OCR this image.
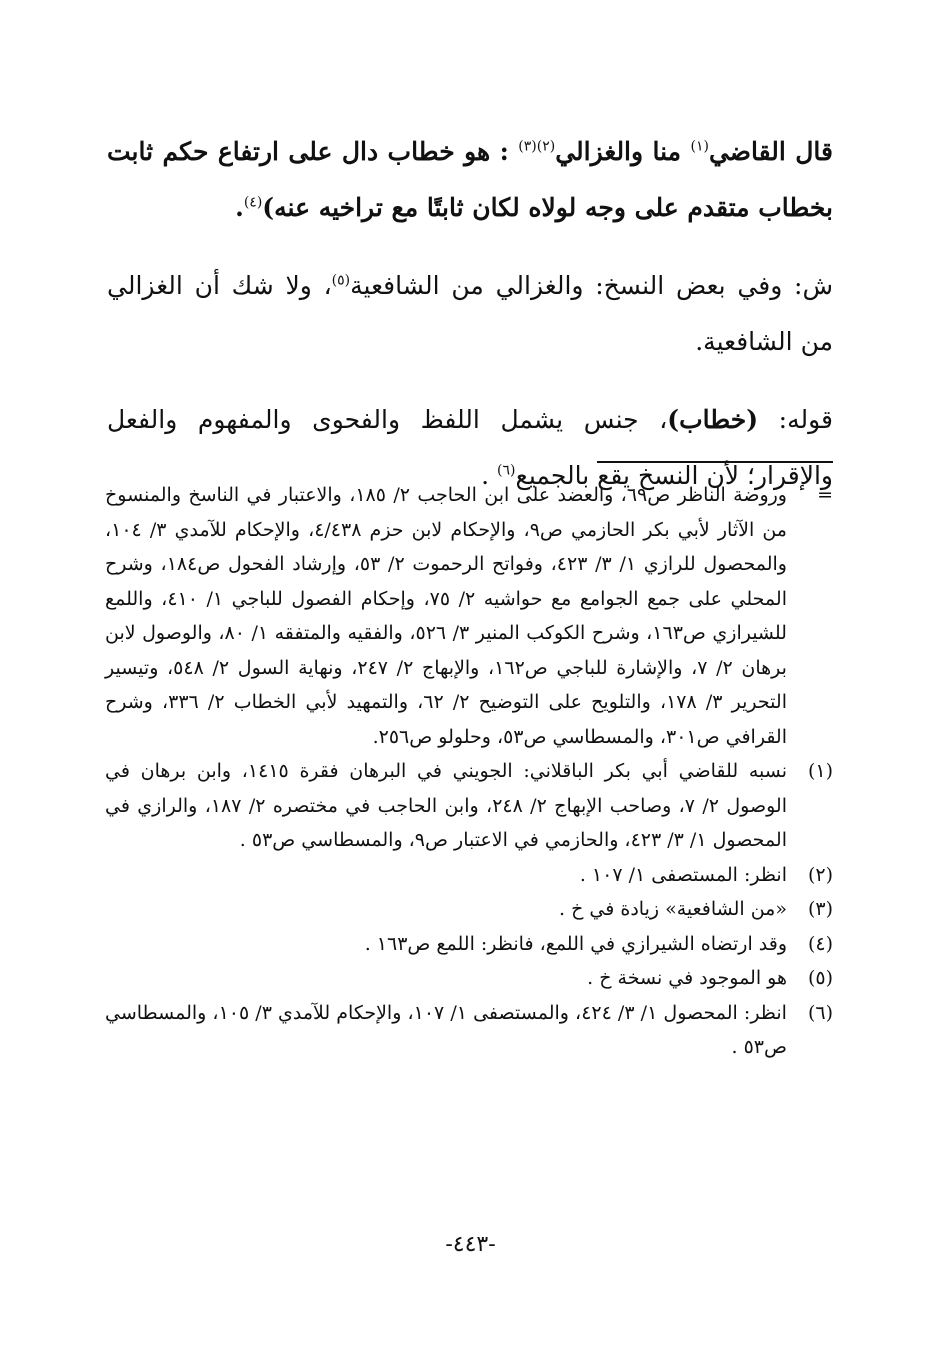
قال القاضي$^{(١)}$ منا والغزالي$^{(٢)(٣)}$ : هو خطاب دال على ارتفاع حكم ثابت بخطاب متقدم على وجه لولاه لكان ثابتًا مع تراخيه عنه)$^{(٤)}$.

ش: وفي بعض النسخ: والغزالي من الشافعية$^{(٥)}$، ولا شك أن الغزالي من الشافعية.

قوله: (خطاب)، جنس يشمل اللفظ والفحوى والمفهوم والفعل والإقرار؛ لأن النسخ يقع بالجميع$^{(٦)}$ .

=
وروضة الناظر ص٦٩، والعضد على ابن الحاجب ٢/ ١٨٥، والاعتبار في الناسخ والمنسوخ من الآثار لأبي بكر الحازمي ص٩، والإحكام لابن حزم ٤/٤٣٨، والإحكام للآمدي ٣/ ١٠٤، والمحصول للرازي ١/ ٣/ ٤٢٣، وفواتح الرحموت ٢/ ٥٣، وإرشاد الفحول ص١٨٤، وشرح المحلي على جمع الجوامع مع حواشيه ٢/ ٧٥، وإحكام الفصول للباجي ١/ ٤١٠، واللمع للشيرازي ص١٦٣، وشرح الكوكب المنير ٣/ ٥٢٦، والفقيه والمتفقه ١/ ٨٠، والوصول لابن برهان ٢/ ٧، والإشارة للباجي ص١٦٢، والإبهاج ٢/ ٢٤٧، ونهاية السول ٢/ ٥٤٨، وتيسير التحرير ٣/ ١٧٨، والتلويح على التوضيح ٢/ ٦٢، والتمهيد لأبي الخطاب ٢/ ٣٣٦، وشرح القرافي ص٣٠١، والمسطاسي ص٥٣، وحلولو ص٢٥٦.
(١)
نسبه للقاضي أبي بكر الباقلاني: الجويني في البرهان فقرة ١٤١٥، وابن برهان في الوصول ٢/ ٧، وصاحب الإبهاج ٢/ ٢٤٨، وابن الحاجب في مختصره ٢/ ١٨٧، والرازي في المحصول ١/ ٣/ ٤٢٣، والحازمي في الاعتبار ص٩، والمسطاسي ص٥٣ .
(٢)
انظر: المستصفى ١/ ١٠٧ .
(٣)
«من الشافعية» زيادة في خ .
(٤)
وقد ارتضاه الشيرازي في اللمع، فانظر: اللمع ص١٦٣ .
(٥)
هو الموجود في نسخة خ .
(٦)
انظر: المحصول ١/ ٣/ ٤٢٤، والمستصفى ١/ ١٠٧، والإحكام للآمدي ٣/ ١٠٥، والمسطاسي ص٥٣ .
-٤٤٣-
